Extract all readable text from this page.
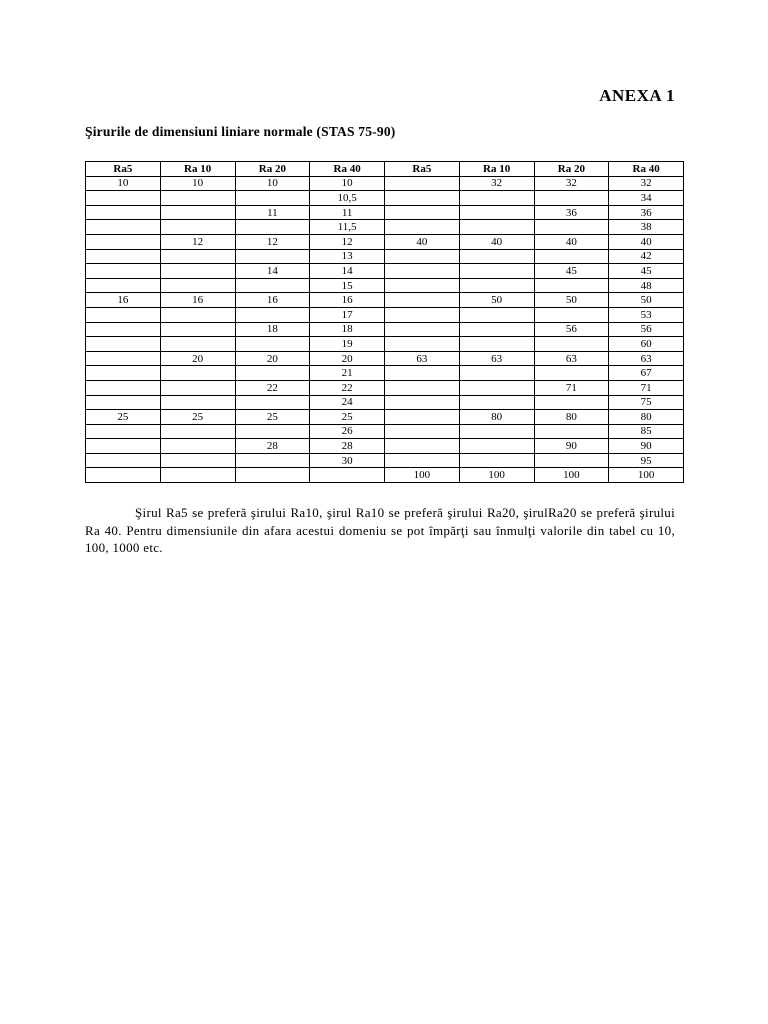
ANEXA 1
Şirurile de dimensiuni liniare normale (STAS 75-90)
Ra5	Ra 10	Ra 20	Ra 40	Ra5	Ra 10	Ra 20	Ra 40
10	10	10	10		32	32	32
			10,5				34
		11	11			36	36
			11,5				38
	12	12	12	40	40	40	40
			13				42
		14	14			45	45
			15				48
16	16	16	16		50	50	50
			17				53
		18	18			56	56
			19				60
	20	20	20	63	63	63	63
			21				67
		22	22			71	71
			24				75
25	25	25	25		80	80	80
			26				85
		28	28			90	90
			30				95
				100	100	100	100

Şirul Ra5 se preferă şirului Ra10, şirul Ra10 se preferă şirului Ra20, şirulRa20 se preferă şirului Ra 40. Pentru dimensiunile din afara acestui domeniu se pot împărţi sau înmulţi valorile din tabel cu 10, 100, 1000 etc.
